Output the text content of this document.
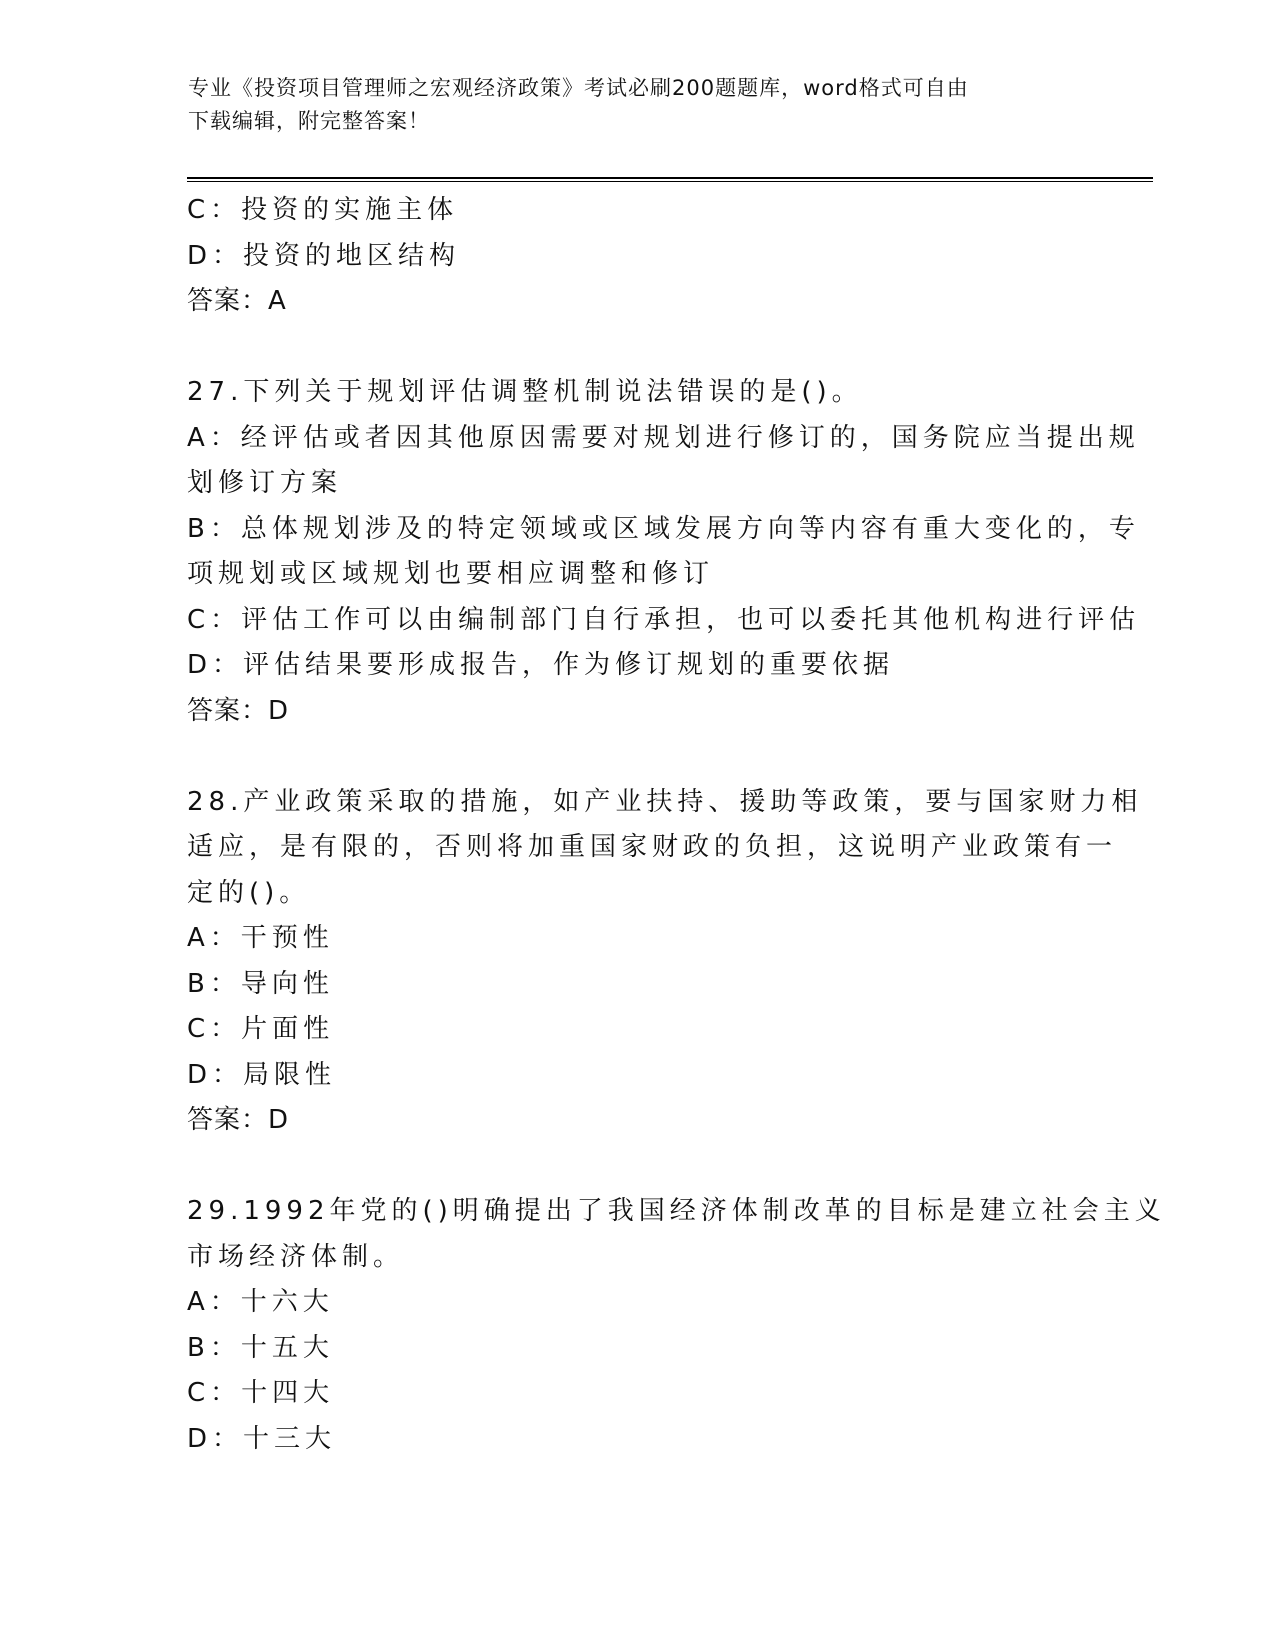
专业《投资项目管理师之宏观经济政策》考试必刷200题题库，word格式可自由
下载编辑，附完整答案！
C：投资的实施主体
D：投资的地区结构
答案：A
27.下列关于规划评估调整机制说法错误的是()。
A：经评估或者因其他原因需要对规划进行修订的，国务院应当提出规
划修订方案
B：总体规划涉及的特定领域或区域发展方向等内容有重大变化的，专
项规划或区域规划也要相应调整和修订
C：评估工作可以由编制部门自行承担，也可以委托其他机构进行评估
D：评估结果要形成报告，作为修订规划的重要依据
答案：D
28.产业政策采取的措施，如产业扶持、援助等政策，要与国家财力相
适应，是有限的，否则将加重国家财政的负担，这说明产业政策有一
定的()。
A：干预性
B：导向性
C：片面性
D：局限性
答案：D
29.1992年党的()明确提出了我国经济体制改革的目标是建立社会主义
市场经济体制。
A：十六大
B：十五大
C：十四大
D：十三大
